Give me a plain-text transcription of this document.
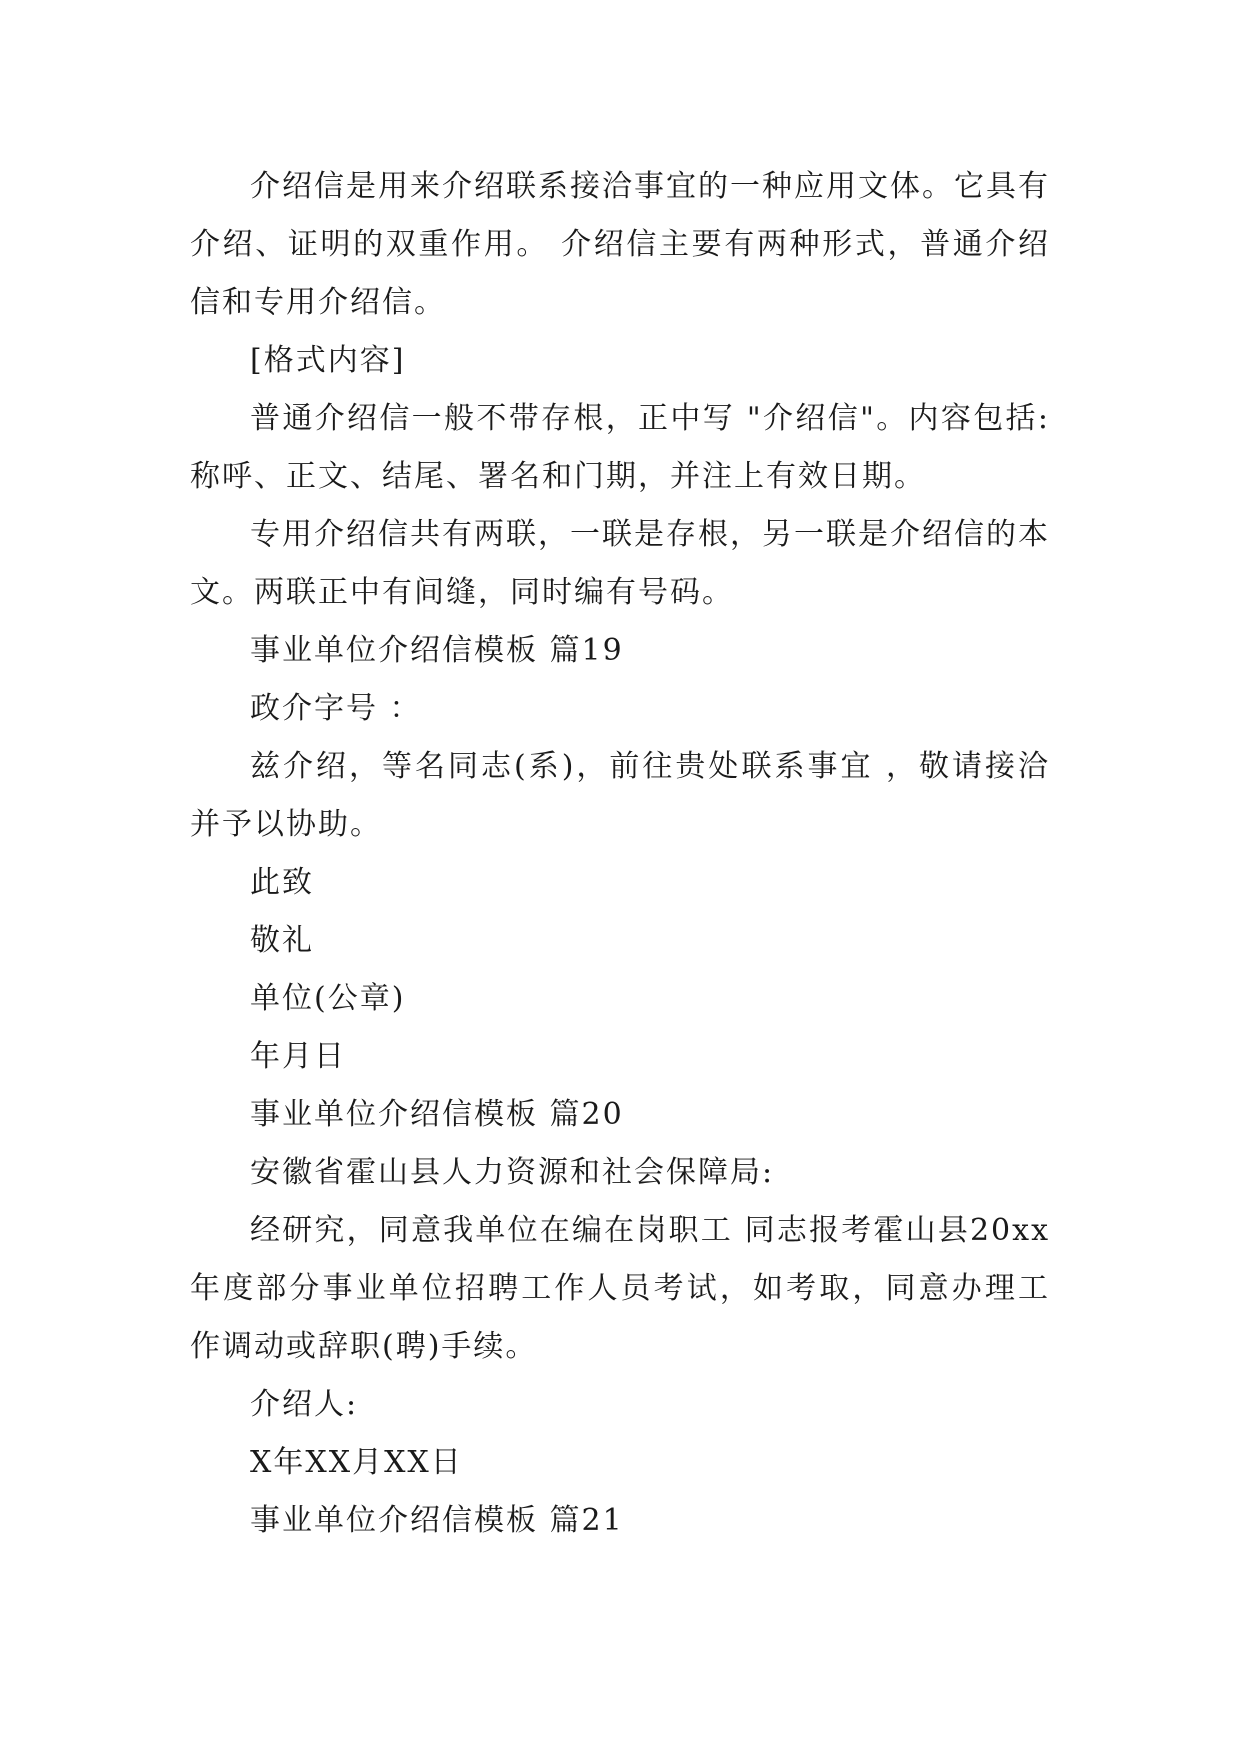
介绍信是用来介绍联系接洽事宜的一种应用文体。它具有介绍、证明的双重作用。 介绍信主要有两种形式，普通介绍信和专用介绍信。

[格式内容]

普通介绍信一般不带存根，正中写 "介绍信"。内容包括:称呼、正文、结尾、署名和门期，并注上有效日期。

专用介绍信共有两联，一联是存根，另一联是介绍信的本文。两联正中有间缝，同时编有号码。

事业单位介绍信模板 篇19

政介字号 ：

兹介绍，等名同志(系)，前往贵处联系事宜 ，敬请接洽并予以协助。

此致

敬礼

单位(公章)

年月日

事业单位介绍信模板 篇20

安徽省霍山县人力资源和社会保障局:

经研究，同意我单位在编在岗职工 同志报考霍山县20xx年度部分事业单位招聘工作人员考试，如考取，同意办理工作调动或辞职(聘)手续。

介绍人:

X年XX月XX日

事业单位介绍信模板 篇21
